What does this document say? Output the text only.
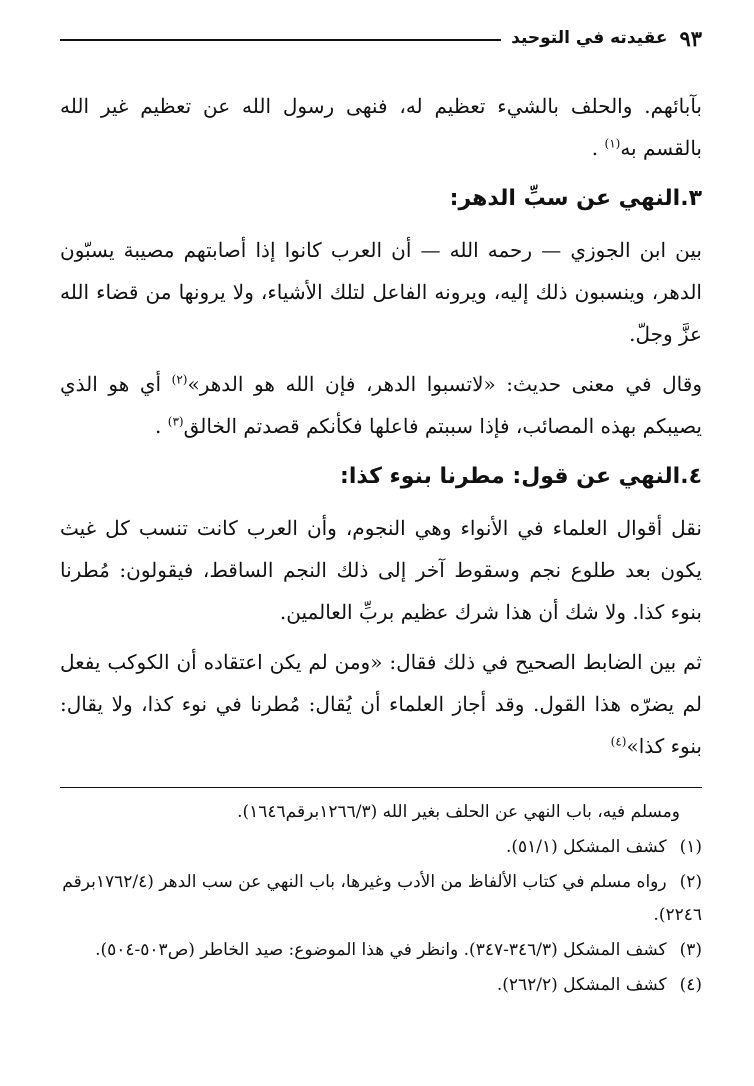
٩٣
عقيدته في التوحيد

بآبائهم. والحلف بالشيء تعظيم له، فنهى رسول الله عن تعظيم غير الله بالقسم به$^{(١)}$ .

٣.النهي عن سبِّ الدهر:

بين ابن الجوزي — رحمه الله — أن العرب كانوا إذا أصابتهم مصيبة يسبّون الدهر، وينسبون ذلك إليه، ويرونه الفاعل لتلك الأشياء، ولا يرونها من قضاء الله عزَّ وجلّ.

وقال في معنى حديث: «لاتسبوا الدهر، فإن الله هو الدهر»$^{(٢)}$ أي هو الذي يصيبكم بهذه المصائب، فإذا سببتم فاعلها فكأنكم قصدتم الخالق$^{(٣)}$ .

٤.النهي عن قول: مطرنا بنوء كذا:

نقل أقوال العلماء في الأنواء وهي النجوم، وأن العرب كانت تنسب كل غيث يكون بعد طلوع نجم وسقوط آخر إلى ذلك النجم الساقط، فيقولون: مُطرنا بنوء كذا. ولا شك أن هذا شرك عظيم بربِّ العالمين.

ثم بين الضابط الصحيح في ذلك فقال: «ومن لم يكن اعتقاده أن الكوكب يفعل لم يضرّه هذا القول. وقد أجاز العلماء أن يُقال: مُطرنا في نوء كذا، ولا يقال: بنوء كذا»$^{(٤)}$

ومسلم فيه، باب النهي عن الحلف بغير الله (١٢٦٦/٣برقم١٦٤٦).

(١) كشف المشكل (٥١/١).

(٢) رواه مسلم في كتاب الألفاظ من الأدب وغيرها، باب النهي عن سب الدهر (١٧٦٢/٤برقم ٢٢٤٦).

(٣) كشف المشكل (٣٤٦/٣-٣٤٧). وانظر في هذا الموضوع: صيد الخاطر (ص٥٠٣-٥٠٤).

(٤) كشف المشكل (٢٦٢/٢).
